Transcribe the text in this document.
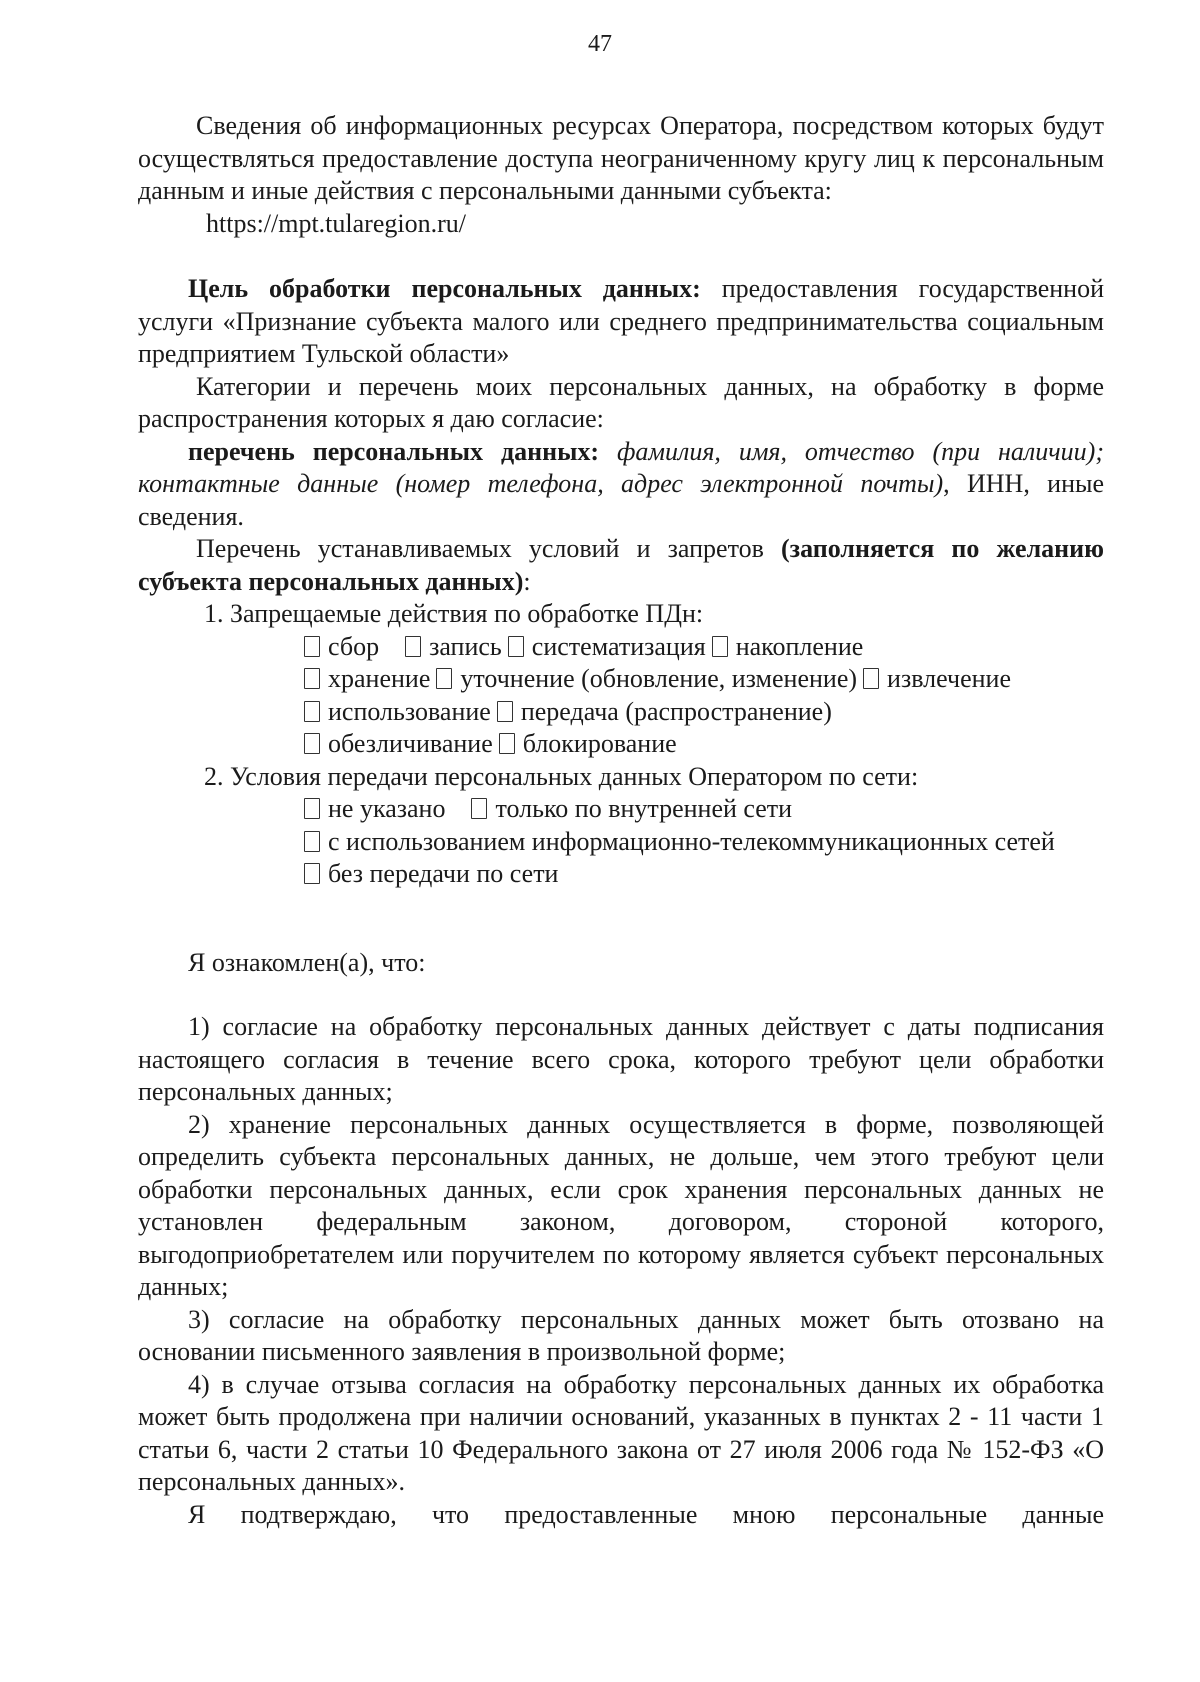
47

Сведения об информационных ресурсах Оператора, посредством которых будут осуществляться предоставление доступа неограниченному кругу лиц к персональным данным и иные действия с персональными данными субъекта:

https://mpt.tularegion.ru/

Цель обработки персональных данных: предоставления государственной услуги «Признание субъекта малого или среднего предпринимательства социальным предприятием Тульской области»

Категории и перечень моих персональных данных, на обработку в форме распространения которых я даю согласие:

перечень персональных данных: фамилия, имя, отчество (при наличии); контактные данные (номер телефона, адрес электронной почты), ИНН, иные сведения.

Перечень устанавливаемых условий и запретов (заполняется по желанию субъекта персональных данных):

1. Запрещаемые действия по обработке ПДн:

сбор запись систематизация накопление

хранение уточнение (обновление, изменение) извлечение

использование передача (распространение)

обезличивание блокирование

2. Условия передачи персональных данных Оператором по сети:

не указано только по внутренней сети

с использованием информационно-телекоммуникационных сетей

без передачи по сети

Я ознакомлен(а), что:

1) согласие на обработку персональных данных действует с даты подписания настоящего согласия в течение всего срока, которого требуют цели обработки персональных данных;

2) хранение персональных данных осуществляется в форме, позволяющей определить субъекта персональных данных, не дольше, чем этого требуют цели обработки персональных данных, если срок хранения персональных данных не установлен федеральным законом, договором, стороной которого, выгодоприобретателем или поручителем по которому является субъект персональных данных;

3) согласие на обработку персональных данных может быть отозвано на основании письменного заявления в произвольной форме;

4) в случае отзыва согласия на обработку персональных данных их обработка может быть продолжена при наличии оснований, указанных в пунктах 2 - 11 части 1 статьи 6, части 2 статьи 10 Федерального закона от 27 июля 2006 года № 152-ФЗ «О персональных данных».

Я подтверждаю, что предоставленные мною персональные данные
